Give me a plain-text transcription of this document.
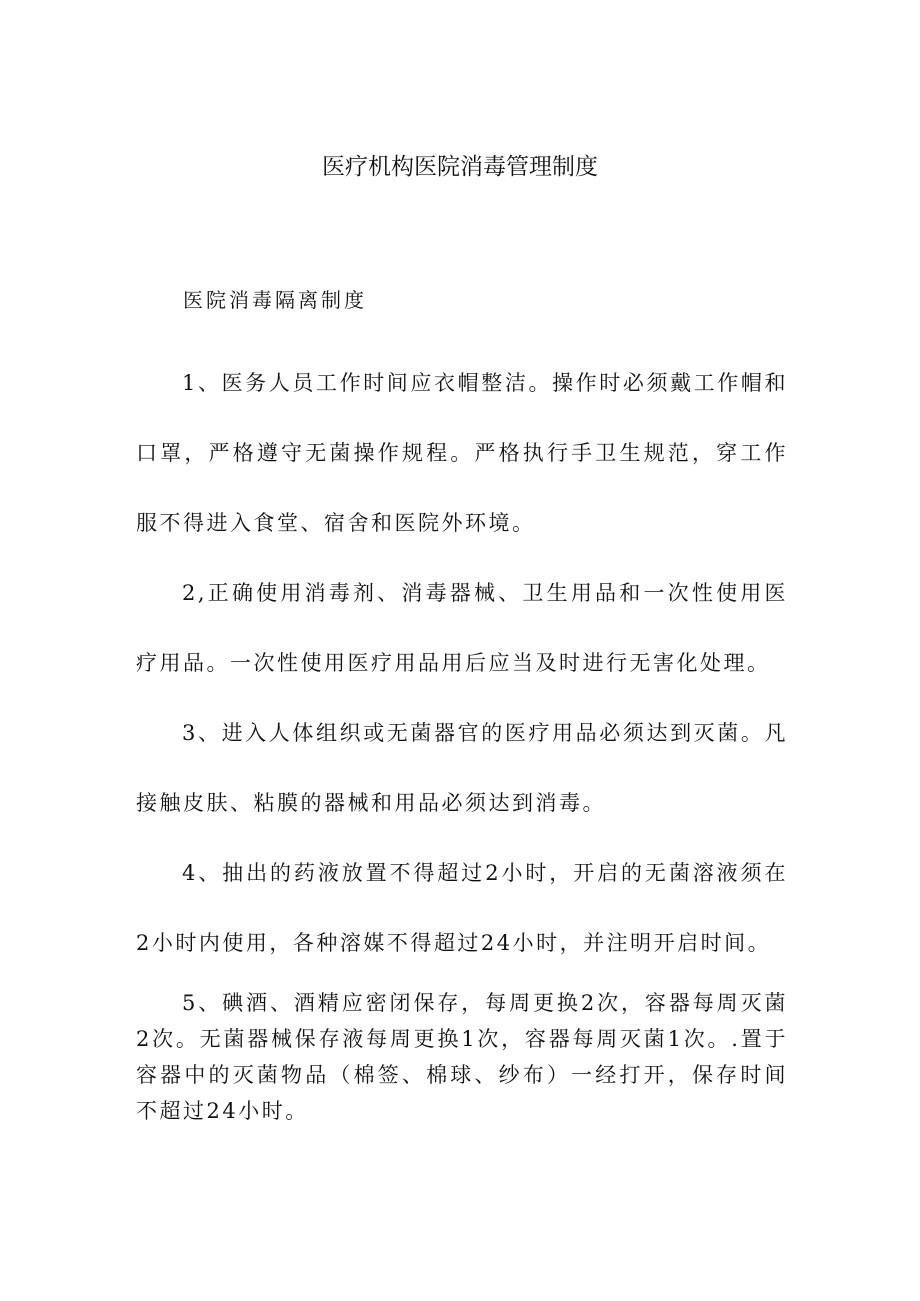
医疗机构医院消毒管理制度
医院消毒隔离制度

1、医务人员工作时间应衣帽整洁。操作时必须戴工作帽和口罩，严格遵守无菌操作规程。严格执行手卫生规范，穿工作服不得进入食堂、宿舍和医院外环境。

2,正确使用消毒剂、消毒器械、卫生用品和一次性使用医疗用品。一次性使用医疗用品用后应当及时进行无害化处理。

3、进入人体组织或无菌器官的医疗用品必须达到灭菌。凡接触皮肤、粘膜的器械和用品必须达到消毒。

4、抽出的药液放置不得超过2小时，开启的无菌溶液须在2小时内使用，各种溶媒不得超过24小时，并注明开启时间。

5、碘酒、酒精应密闭保存，每周更换2次，容器每周灭菌2次。无菌器械保存液每周更换1次，容器每周灭菌1次。.置于容器中的灭菌物品（棉签、棉球、纱布）一经打开，保存时间不超过24小时。
